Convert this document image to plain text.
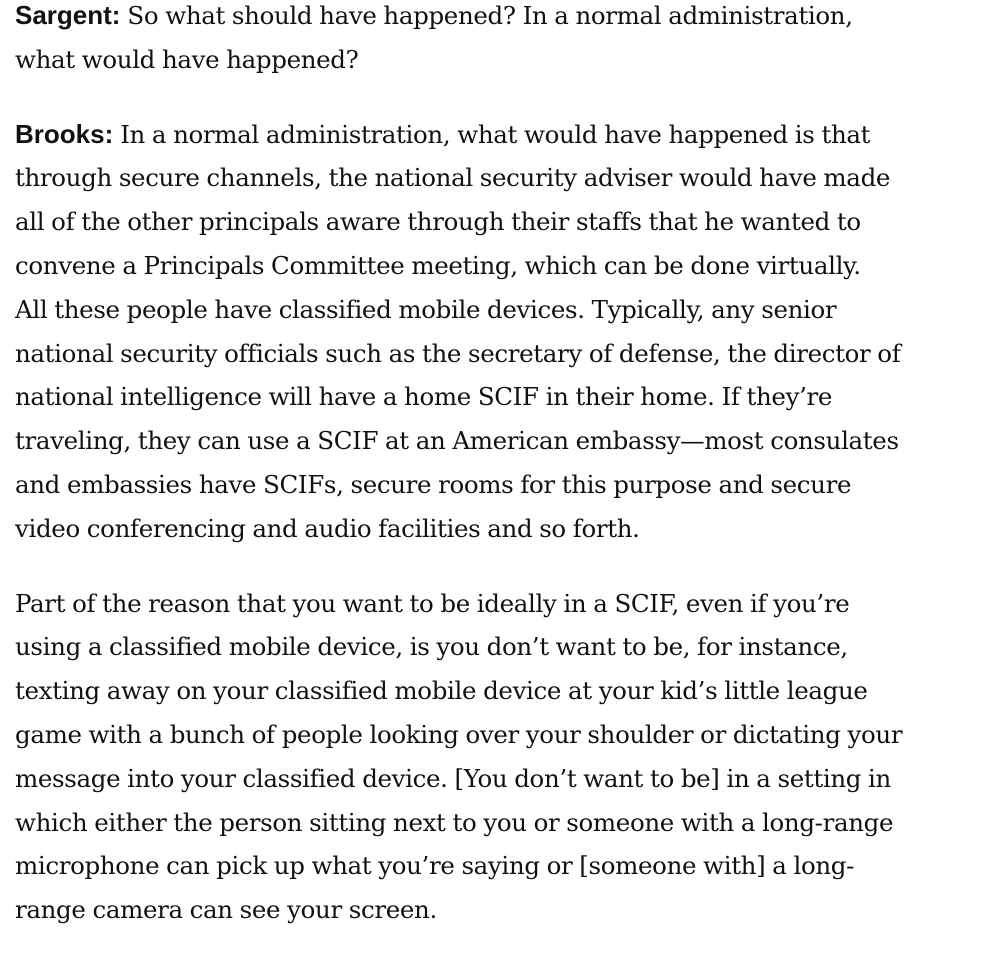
Sargent: So what should have happened? In a normal administration,
what would have happened?

Brooks: In a normal administration, what would have happened is that
through secure channels, the national security adviser would have made
all of the other principals aware through their staffs that he wanted to
convene a Principals Committee meeting, which can be done virtually.
All these people have classified mobile devices. Typically, any senior
national security officials such as the secretary of defense, the director of
national intelligence will have a home SCIF in their home. If they’re
traveling, they can use a SCIF at an American embassy—most consulates
and embassies have SCIFs, secure rooms for this purpose and secure
video conferencing and audio facilities and so forth.

Part of the reason that you want to be ideally in a SCIF, even if you’re
using a classified mobile device, is you don’t want to be, for instance,
texting away on your classified mobile device at your kid’s little league
game with a bunch of people looking over your shoulder or dictating your
message into your classified device. [You don’t want to be] in a setting in
which either the person sitting next to you or someone with a long-range
microphone can pick up what you’re saying or [someone with] a long-
range camera can see your screen.
